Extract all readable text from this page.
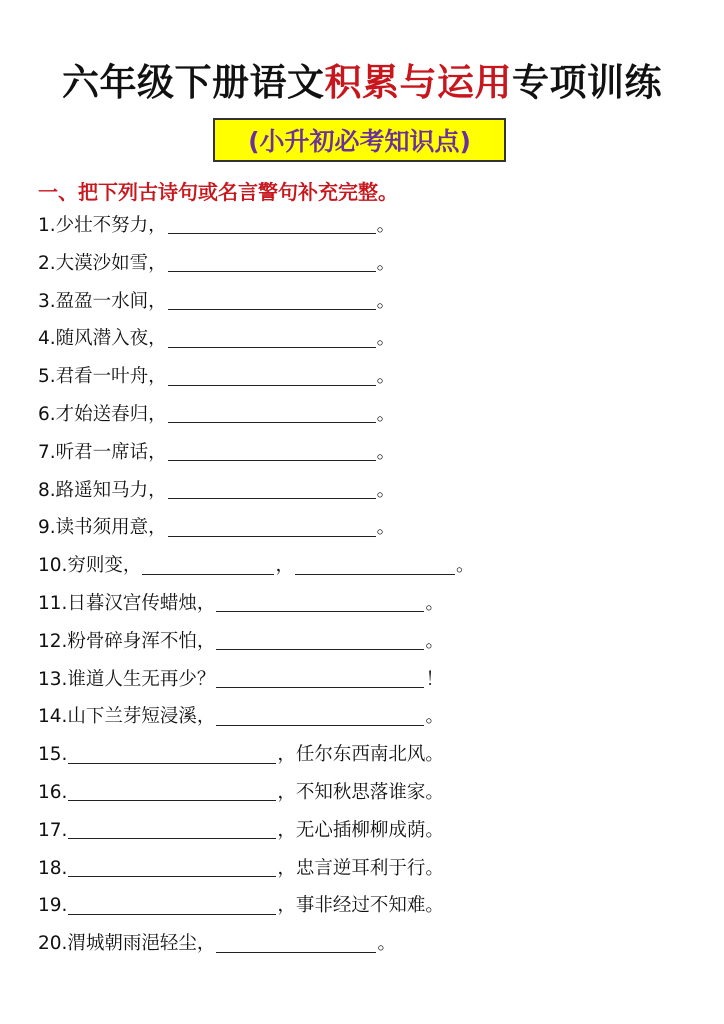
六年级下册语文积累与运用专项训练
(小升初必考知识点)
一、把下列古诗句或名言警句补充完整。
1. 少壮不努力，	。
2. 大漠沙如雪，	。
3. 盈盈一水间，	。
4. 随风潜入夜，	。
5. 君看一叶舟，	。
6. 才始送春归，	。
7. 听君一席话，	。
8. 路遥知马力，	。
9. 读书须用意，	。
10. 穷则变，	，	。
11. 日暮汉宫传蜡烛，	。
12. 粉骨碎身浑不怕，	。
13. 谁道人生无再少？	！
14. 山下兰芽短浸溪，	。
15.	，任尔东西南北风。
16.	，不知秋思落谁家。
17.	，无心插柳柳成荫。
18.	，忠言逆耳利于行。
19.	，事非经过不知难。
20. 渭城朝雨浥轻尘，	。
